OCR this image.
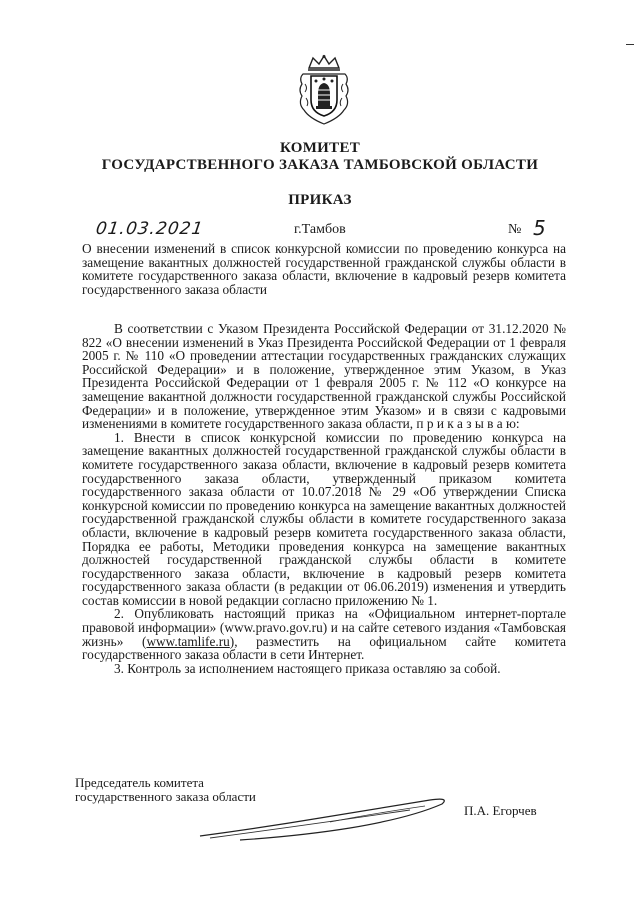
КОМИТЕТ
ГОСУДАРСТВЕННОГО ЗАКАЗА ТАМБОВСКОЙ ОБЛАСТИ
ПРИКАЗ
01.03.2021	г.Тамбов	№ 5
О внесении изменений в список конкурсной комиссии по проведению конкурса на замещение вакантных должностей государственной гражданской службы области в комитете государственного заказа области, включение в кадровый резерв комитета государственного заказа области

В соответствии с Указом Президента Российской Федерации от 31.12.2020 № 822 «О внесении изменений в Указ Президента Российской Федерации от 1 февраля 2005 г. № 110 «О проведении аттестации государственных гражданских служащих Российской Федерации» и в положение, утвержденное этим Указом, в Указ Президента Российской Федерации от 1 февраля 2005 г. № 112 «О конкурсе на замещение вакантной должности государственной гражданской службы Российской Федерации» и в положение, утвержденное этим Указом» и в связи с кадровыми изменениями в комитете государственного заказа области, п р и к а з ы в а ю:

1. Внести в список конкурсной комиссии по проведению конкурса на замещение вакантных должностей государственной гражданской службы области в комитете государственного заказа области, включение в кадровый резерв комитета государственного заказа области, утвержденный приказом комитета государственного заказа области от 10.07.2018 № 29 «Об утверждении Списка конкурсной комиссии по проведению конкурса на замещение вакантных должностей государственной гражданской службы области в комитете государственного заказа области, включение в кадровый резерв комитета государственного заказа области, Порядка ее работы, Методики проведения конкурса на замещение вакантных должностей государственной гражданской службы области в комитете государственного заказа области, включение в кадровый резерв комитета государственного заказа области (в редакции от 06.06.2019) изменения и утвердить состав комиссии в новой редакции согласно приложению № 1.

2. Опубликовать настоящий приказ на «Официальном интернет-портале правовой информации» (www.pravo.gov.ru) и на сайте сетевого издания «Тамбовская жизнь» (www.tamlife.ru), разместить на официальном сайте комитета государственного заказа области в сети Интернет.

3. Контроль за исполнением настоящего приказа оставляю за собой.

Председатель комитета
государственного заказа области
П.А. Егорчев
